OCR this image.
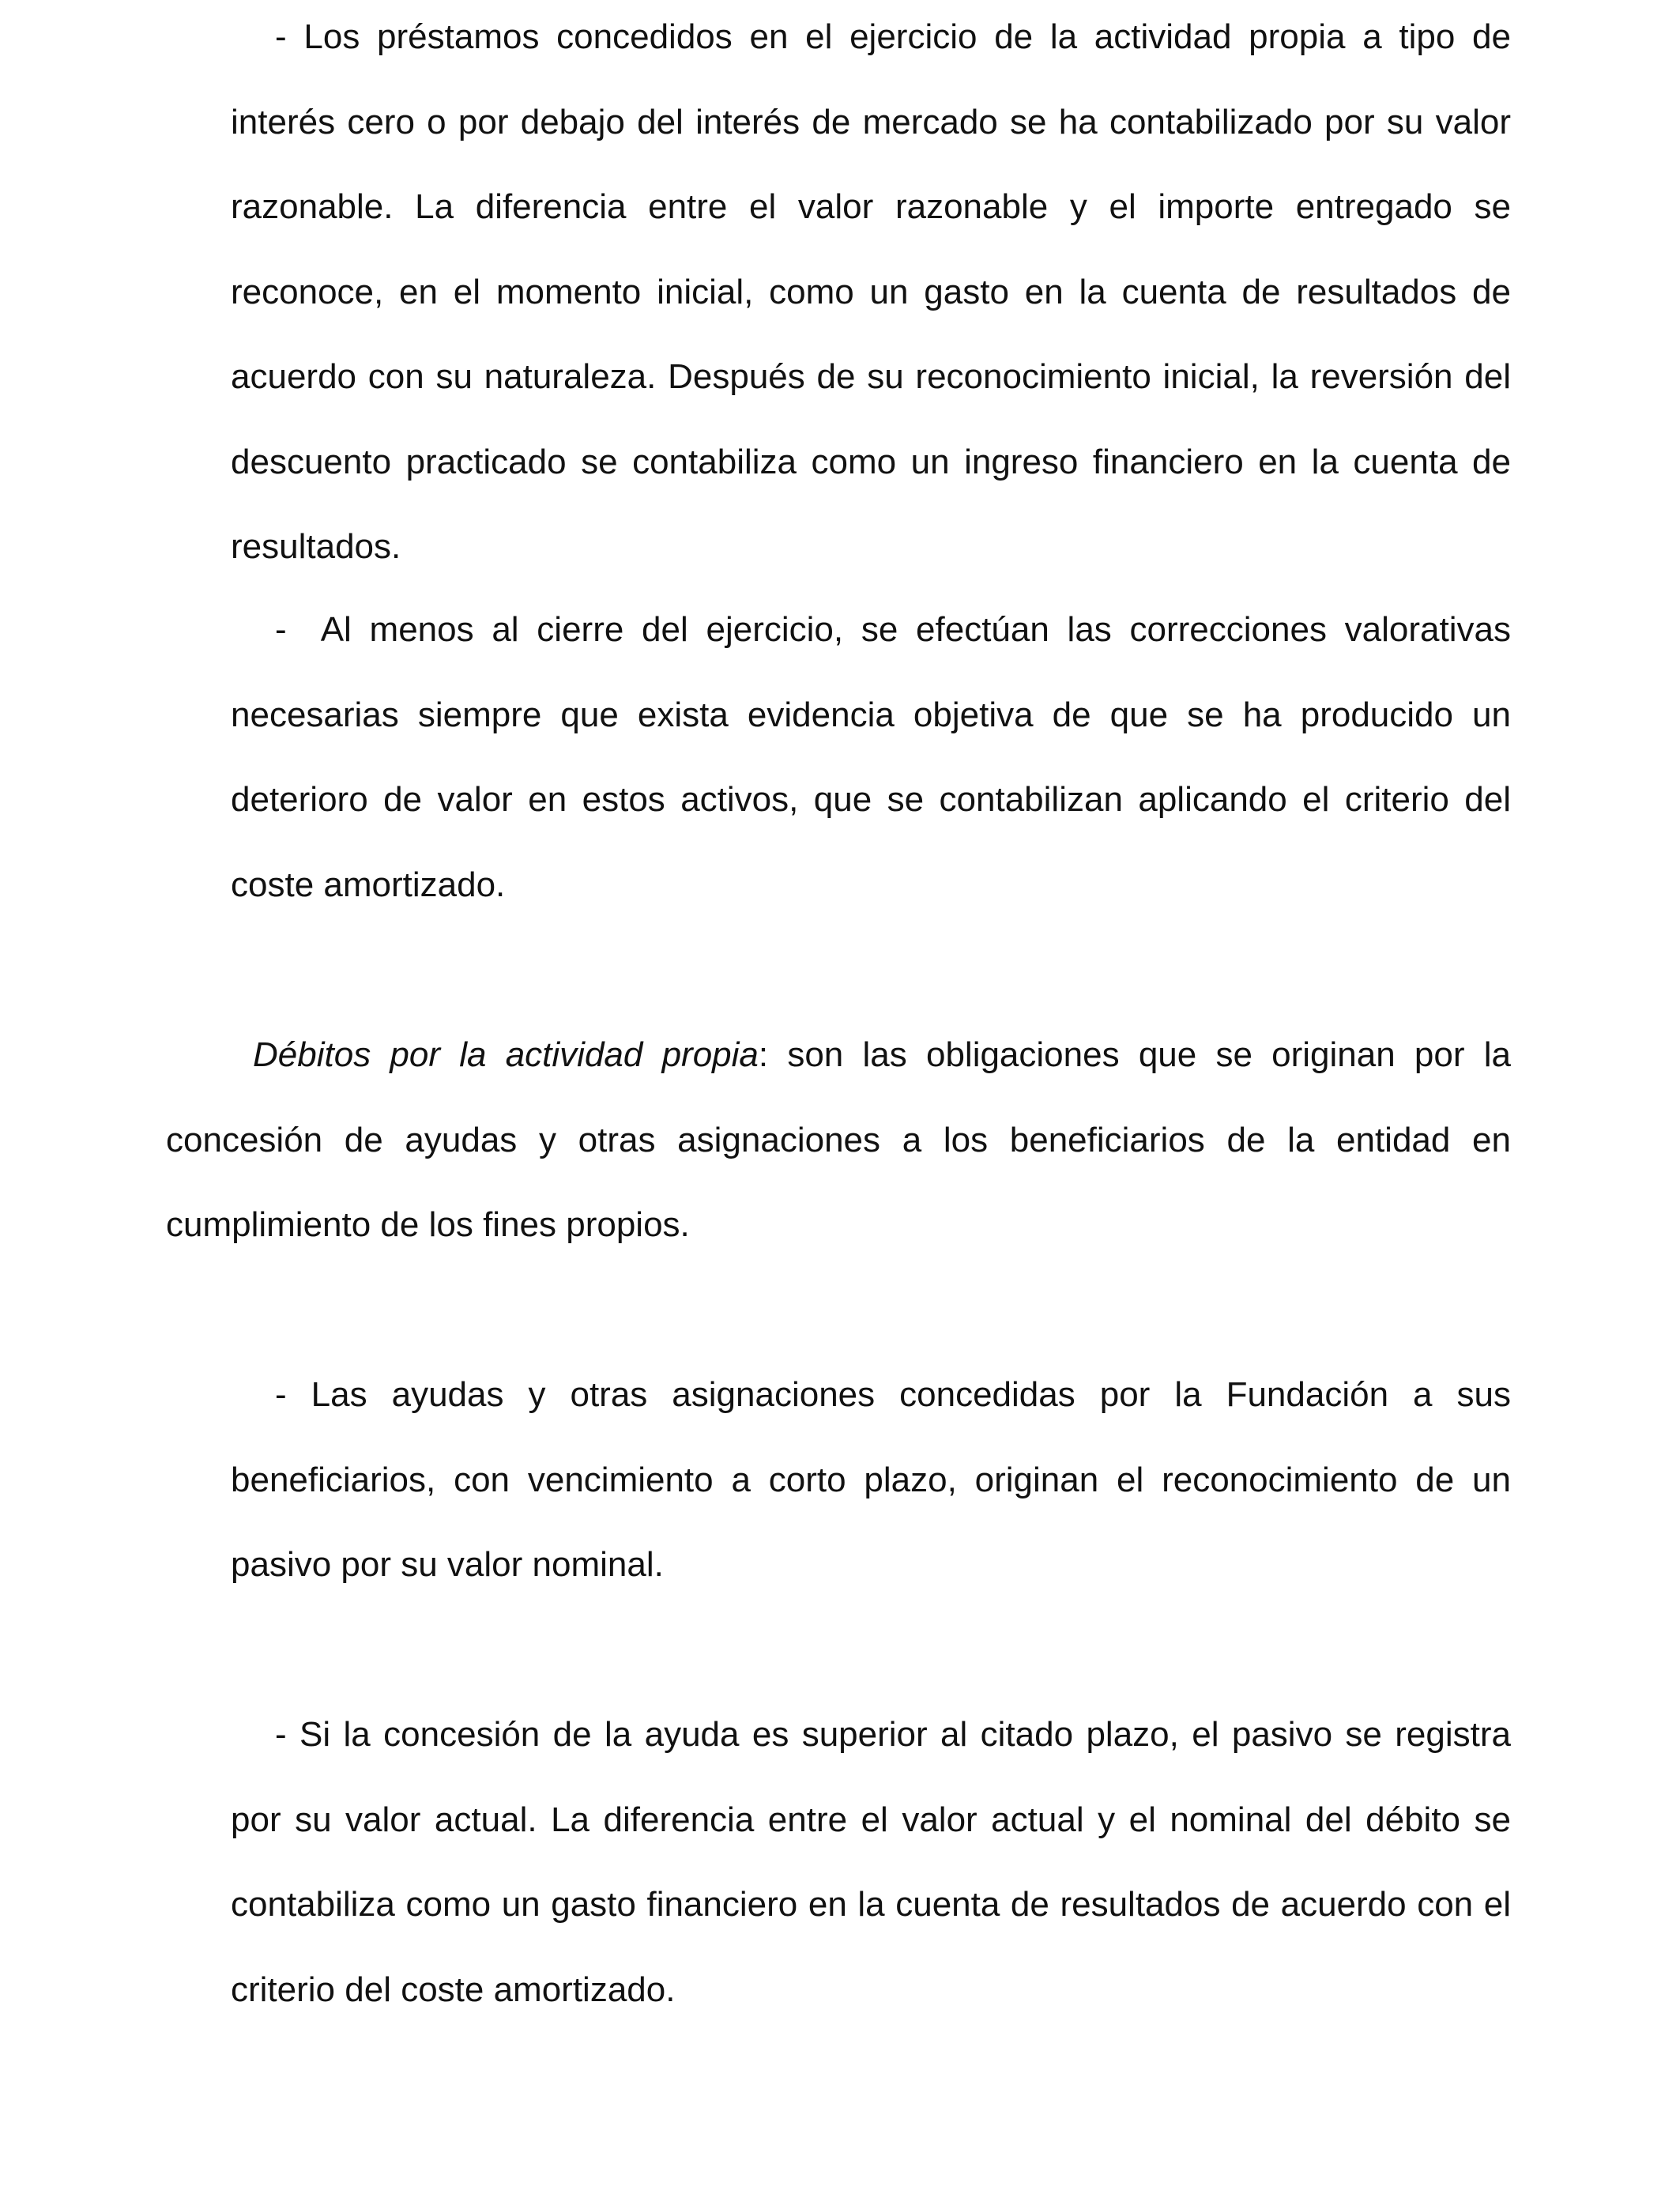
- Los préstamos concedidos en el ejercicio de la actividad propia a tipo de interés cero o por debajo del interés de mercado se ha contabilizado por su valor razonable. La diferencia entre el valor razonable y el importe entregado se reconoce, en el momento inicial, como un gasto en la cuenta de resultados de acuerdo con su naturaleza. Después de su reconocimiento inicial, la reversión del descuento practicado se contabiliza como un ingreso financiero en la cuenta de resultados.

-  Al menos al cierre del ejercicio, se efectúan las correcciones valorativas necesarias siempre que exista evidencia objetiva de que se ha producido un deterioro de valor en estos activos, que se contabilizan aplicando el criterio del coste amortizado.

Débitos por la actividad propia: son las obligaciones que se originan por la concesión de ayudas y otras asignaciones a los beneficiarios de la entidad en cumplimiento de los fines propios.

- Las ayudas y otras asignaciones concedidas por la Fundación a sus beneficiarios, con vencimiento a corto plazo, originan el reconocimiento de un pasivo por su valor nominal.

- Si la concesión de la ayuda es superior al citado plazo, el pasivo se registra por su valor actual. La diferencia entre el valor actual y el nominal del débito se contabiliza como un gasto financiero en la cuenta de resultados de acuerdo con el criterio del coste amortizado.
